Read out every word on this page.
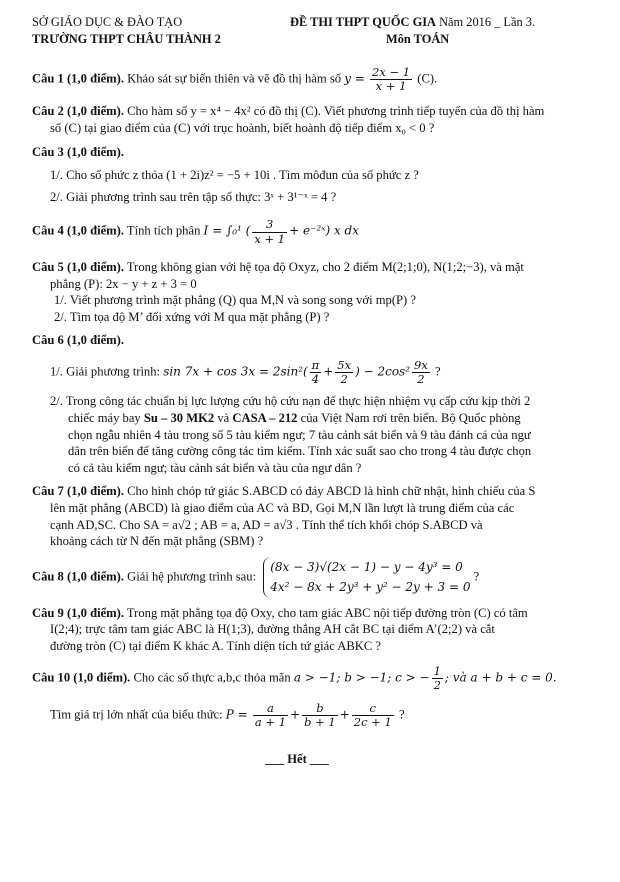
SỞ GIÁO DỤC & ĐÀO TẠO
TRƯỜNG THPT CHÂU THÀNH 2
ĐỀ THI THPT QUỐC GIA Năm 2016 _ Lần 3.
Môn TOÁN
Câu 1 (1,0 điểm). Khảo sát sự biến thiên và vẽ đồ thị hàm số $y = \frac{2x - 1}{x + 1} (C)$.
Câu 2 (1,0 điểm). Cho hàm số y = x⁴ − 4x² có đồ thị (C). Viết phương trình tiếp tuyến của đồ thị hàm
số (C) tại giao điểm của (C) với trục hoành, biết hoành độ tiếp điểm x₀ < 0 ?
Câu 3 (1,0 điểm).
1/. Cho số phức z thỏa (1 + 2i)z² = −5 + 10i . Tìm môđun của số phức z ?
2/. Giải phương trình sau trên tập số thực: 3ˣ + 3¹⁻ˣ = 4 ?
Câu 4 (1,0 điểm). Tính tích phân I = ∫₀¹ ( $\frac{3}{x + 1}$ + e⁻²ˣ) x dx
Câu 5 (1,0 điểm). Trong không gian với hệ tọa độ Oxyz, cho 2 điểm M(2;1;0), N(1;2;−3), và mặt
phẳng (P): 2x − y + z + 3 = 0
1/. Viết phương trình mặt phẳng (Q) qua M,N và song song với mp(P) ?
2/. Tìm tọa độ M’ đối xứng với M qua mặt phẳng (P) ?
Câu 6 (1,0 điểm).
1/. Giải phương trình: $\sin 7x + \cos 3x = 2\sin^2( \frac{\pi}{4} + \frac{5x}{2}$ ) − $2\cos^2 \frac{9x}{2}$ ?
2/. Trong công tác chuẩn bị lực lượng cứu hộ cứu nạn để thực hiện nhiệm vụ cấp cứu kịp thời 2
chiếc máy bay Su – 30 MK2 và CASA – 212 của Việt Nam rơi trên biển. Bộ Quốc phòng
chọn ngẫu nhiên 4 tàu trong số 5 tàu kiểm ngư; 7 tàu cảnh sát biển và 9 tàu đánh cá của ngư
dân trên biển để tăng cường công tác tìm kiếm. Tính xác suất sao cho trong 4 tàu được chọn
có cả tàu kiểm ngư; tàu cảnh sát biển và tàu của ngư dân ?
Câu 7 (1,0 điểm). Cho hình chóp tứ giác S.ABCD có đáy ABCD là hình chữ nhật, hình chiếu của S
lên mặt phẳng (ABCD) là giao điểm của AC và BD, Gọi M,N lần lượt là trung điểm của các
cạnh AD,SC. Cho SA = a√2 ; AB = a, AD = a√3 . Tính thể tích khối chóp S.ABCD và
khoảng cách từ N đến mặt phẳng (SBM) ?
Câu 8 (1,0 điểm). Giải hệ phương trình sau:
(8x − 3)√(2x − 1) − y − 4y³ = 0
4x² − 8x + 2y³ + y² − 2y + 3 = 0
?
Câu 9 (1,0 điểm). Trong mặt phẳng tọa độ Oxy, cho tam giác ABC nội tiếp đường tròn (C) có tâm
I(2;4); trực tâm tam giác ABC là H(1;3), đường thẳng AH cắt BC tại điểm A’(2;2) và cắt
đường tròn (C) tại điểm K khác A. Tính diện tích tứ giác ABKC ?
Câu 10 (1,0 điểm). Cho các số thực a,b,c thỏa mãn a > −1; b > −1; c > − $\frac{1}{2}$ ; và a + b + c = 0.
Tìm giá trị lớn nhất của biểu thức: $P = \frac{a}{a + 1} + \frac{b}{b + 1} + \frac{c}{2c + 1}$ ?
___ Hết ___
